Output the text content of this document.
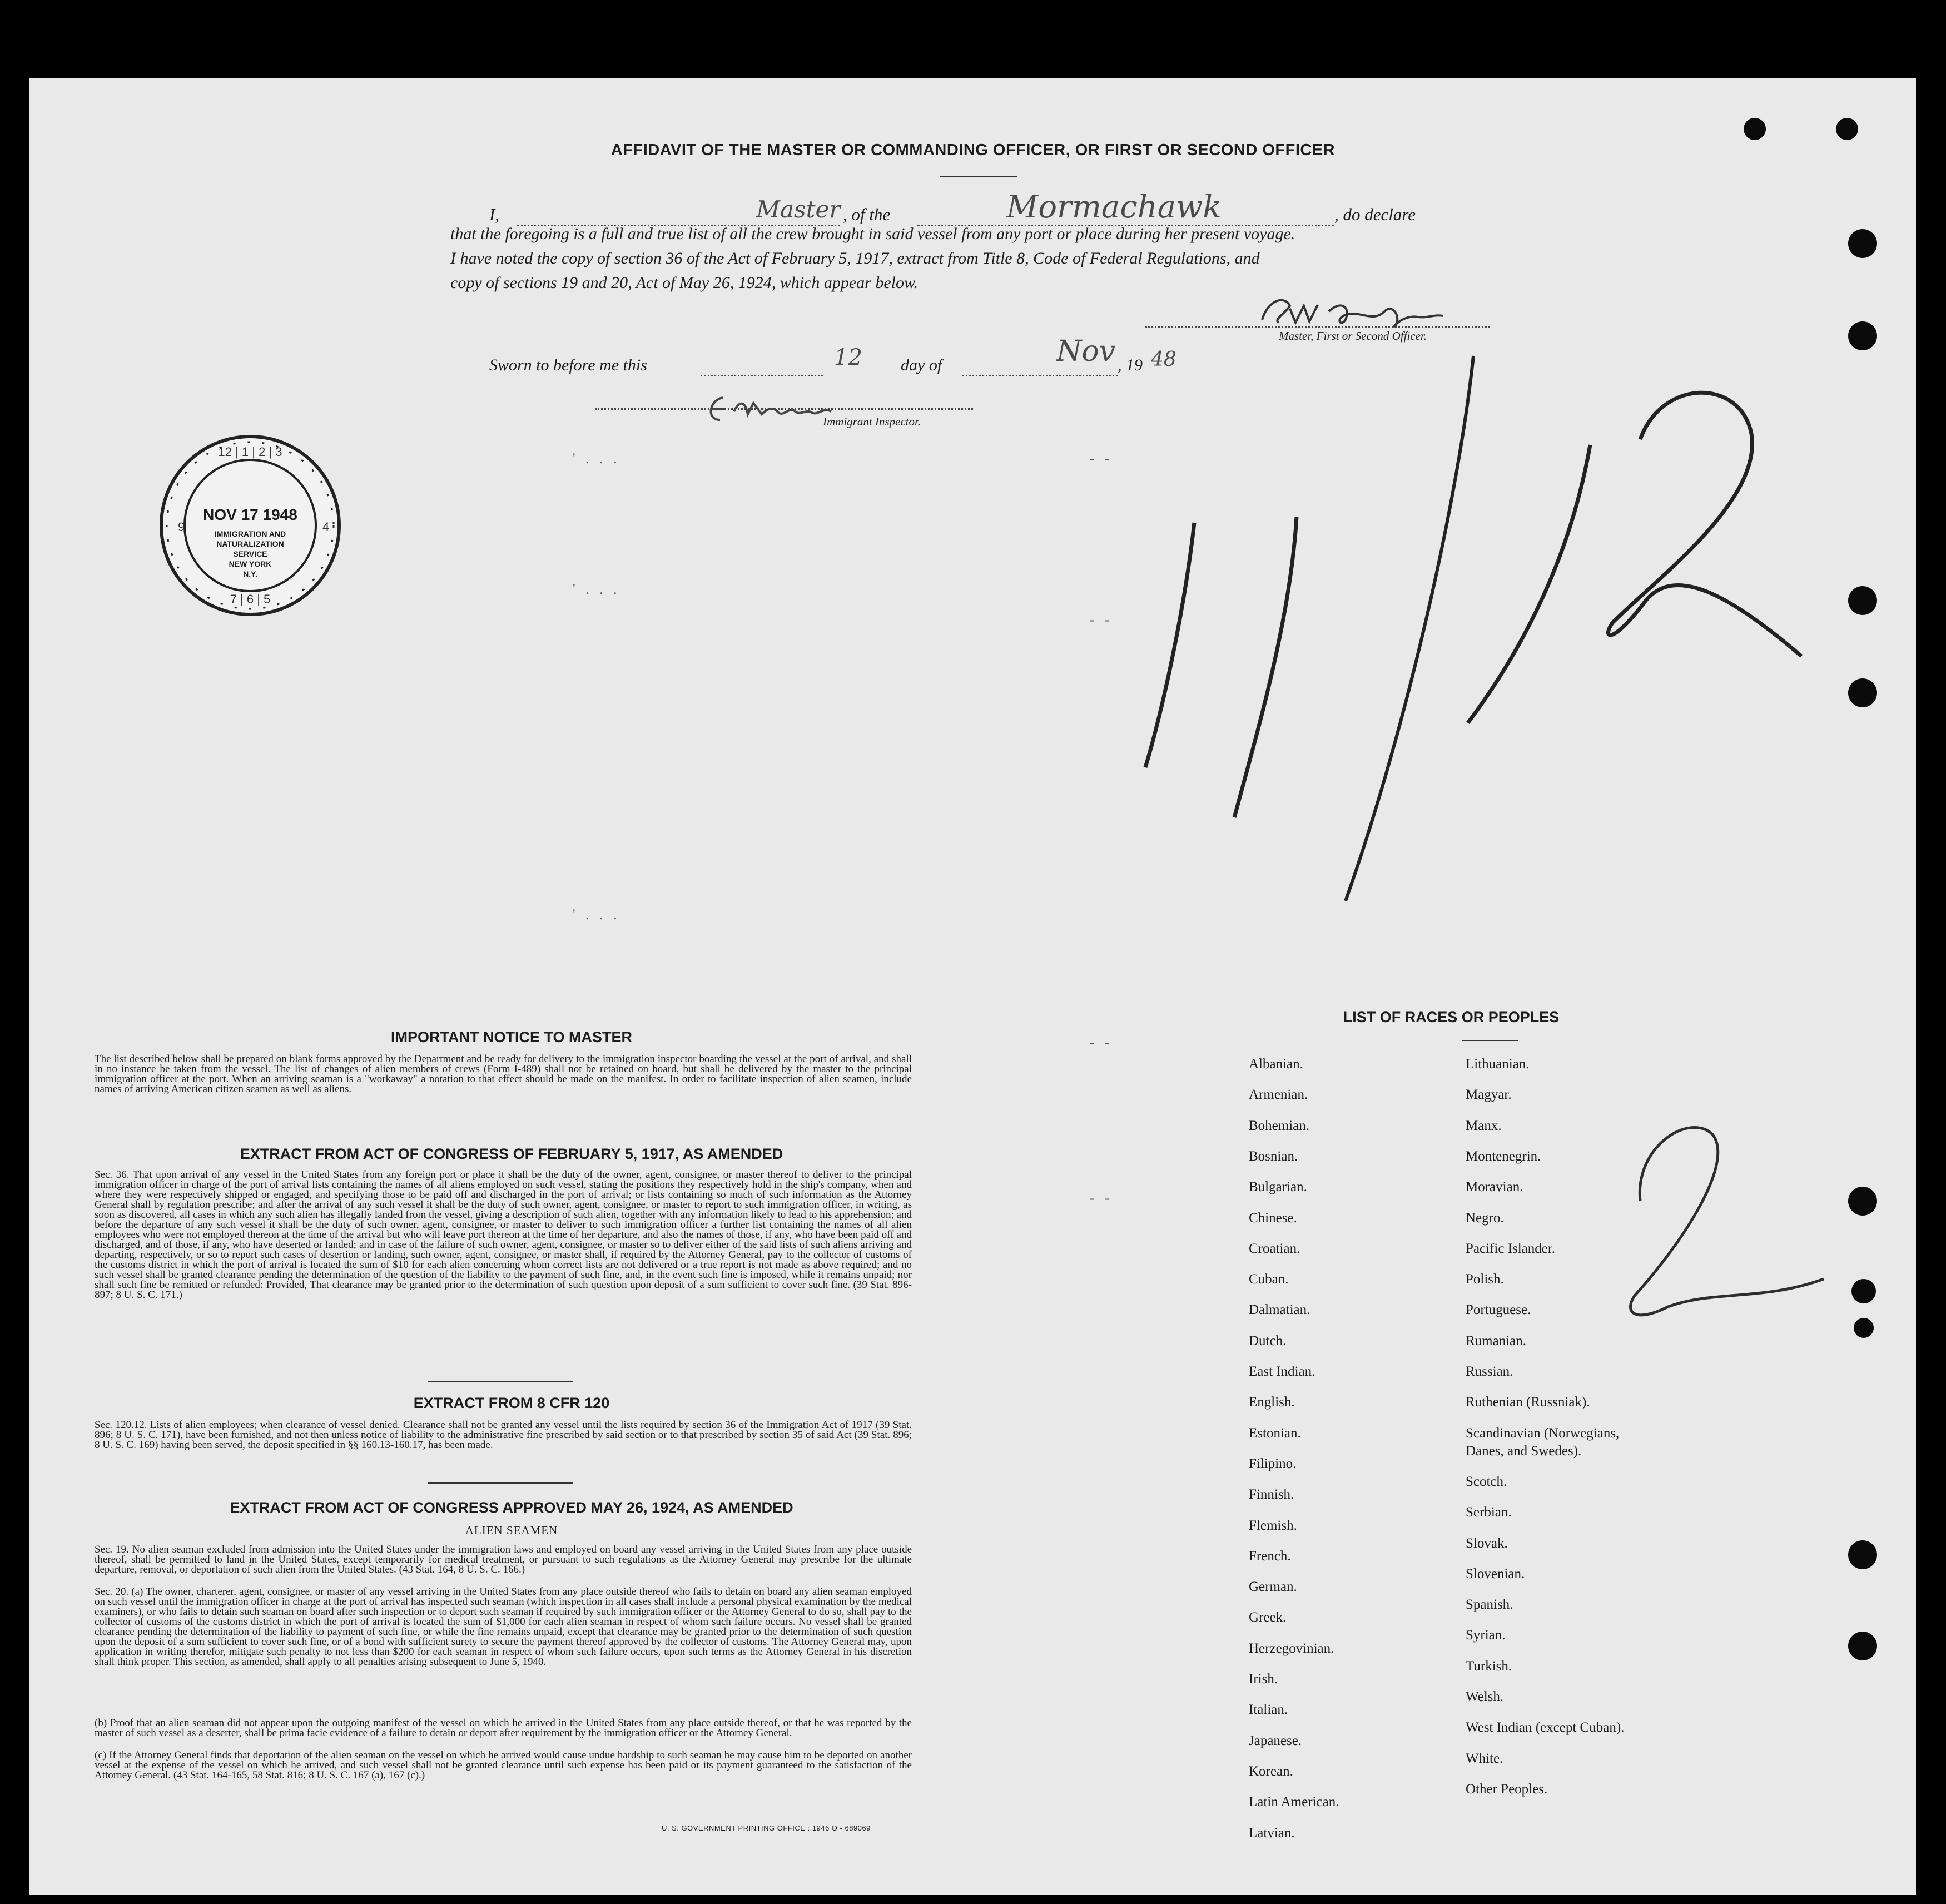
AFFIDAVIT OF THE MASTER OR COMMANDING OFFICER, OR FIRST OR SECOND OFFICER
I,	Master , of the	Mormachawk	, do declare
that the foregoing is a full and true list of all the crew brought in said vessel from any port or place during her present voyage.
I have noted the copy of section 36 of the Act of February 5, 1917, extract from Title 8, Code of Federal Regulations, and
copy of sections 19 and 20, Act of May 26, 1924, which appear below.
Master, First or Second Officer.
Sworn to before me this	12 day of	Nov , 19 48
Immigrant Inspector.
12 | 1 | 2 | 3
4
9
7 | 6 | 5
NOV 17 1948
IMMIGRATION AND
NATURALIZATION
SERVICE
NEW YORK
N.Y.
' . . .
' . . .
' . . .
- -
- -
- -
- -
IMPORTANT NOTICE TO MASTER
The list described below shall be prepared on blank forms approved by the Department and be ready for delivery to the immigration inspector boarding the vessel at the port of arrival, and shall in no instance be taken from the vessel. The list of changes of alien members of crews (Form I-489) shall not be retained on board, but shall be delivered by the master to the principal immigration officer at the port. When an arriving seaman is a "workaway" a notation to that effect should be made on the manifest. In order to facilitate inspection of alien seamen, include names of arriving American citizen seamen as well as aliens.
EXTRACT FROM ACT OF CONGRESS OF FEBRUARY 5, 1917, AS AMENDED
Sec. 36. That upon arrival of any vessel in the United States from any foreign port or place it shall be the duty of the owner, agent, consignee, or master thereof to deliver to the principal immigration officer in charge of the port of arrival lists containing the names of all aliens employed on such vessel, stating the positions they respectively hold in the ship's company, when and where they were respectively shipped or engaged, and specifying those to be paid off and discharged in the port of arrival; or lists containing so much of such information as the Attorney General shall by regulation prescribe; and after the arrival of any such vessel it shall be the duty of such owner, agent, consignee, or master to report to such immigration officer, in writing, as soon as discovered, all cases in which any such alien has illegally landed from the vessel, giving a description of such alien, together with any information likely to lead to his apprehension; and before the departure of any such vessel it shall be the duty of such owner, agent, consignee, or master to deliver to such immigration officer a further list containing the names of all alien employees who were not employed thereon at the time of the arrival but who will leave port thereon at the time of her departure, and also the names of those, if any, who have been paid off and discharged, and of those, if any, who have deserted or landed; and in case of the failure of such owner, agent, consignee, or master so to deliver either of the said lists of such aliens arriving and departing, respectively, or so to report such cases of desertion or landing, such owner, agent, consignee, or master shall, if required by the Attorney General, pay to the collector of customs of the customs district in which the port of arrival is located the sum of $10 for each alien concerning whom correct lists are not delivered or a true report is not made as above required; and no such vessel shall be granted clearance pending the determination of the question of the liability to the payment of such fine, and, in the event such fine is imposed, while it remains unpaid; nor shall such fine be remitted or refunded: Provided, That clearance may be granted prior to the determination of such question upon deposit of a sum sufficient to cover such fine. (39 Stat. 896-897; 8 U. S. C. 171.)
EXTRACT FROM 8 CFR 120
Sec. 120.12. Lists of alien employees; when clearance of vessel denied. Clearance shall not be granted any vessel until the lists required by section 36 of the Immigration Act of 1917 (39 Stat. 896; 8 U. S. C. 171), have been furnished, and not then unless notice of liability to the administrative fine prescribed by said section or to that prescribed by section 35 of said Act (39 Stat. 896; 8 U. S. C. 169) having been served, the deposit specified in §§ 160.13-160.17, has been made.
EXTRACT FROM ACT OF CONGRESS APPROVED MAY 26, 1924, AS AMENDED
ALIEN SEAMEN
Sec. 19. No alien seaman excluded from admission into the United States under the immigration laws and employed on board any vessel arriving in the United States from any place outside thereof, shall be permitted to land in the United States, except temporarily for medical treatment, or pursuant to such regulations as the Attorney General may prescribe for the ultimate departure, removal, or deportation of such alien from the United States. (43 Stat. 164, 8 U. S. C. 166.)
Sec. 20. (a) The owner, charterer, agent, consignee, or master of any vessel arriving in the United States from any place outside thereof who fails to detain on board any alien seaman employed on such vessel until the immigration officer in charge at the port of arrival has inspected such seaman (which inspection in all cases shall include a personal physical examination by the medical examiners), or who fails to detain such seaman on board after such inspection or to deport such seaman if required by such immigration officer or the Attorney General to do so, shall pay to the collector of customs of the customs district in which the port of arrival is located the sum of $1,000 for each alien seaman in respect of whom such failure occurs. No vessel shall be granted clearance pending the determination of the liability to payment of such fine, or while the fine remains unpaid, except that clearance may be granted prior to the determination of such question upon the deposit of a sum sufficient to cover such fine, or of a bond with sufficient surety to secure the payment thereof approved by the collector of customs. The Attorney General may, upon application in writing therefor, mitigate such penalty to not less than $200 for each seaman in respect of whom such failure occurs, upon such terms as the Attorney General in his discretion shall think proper. This section, as amended, shall apply to all penalties arising subsequent to June 5, 1940.
(b) Proof that an alien seaman did not appear upon the outgoing manifest of the vessel on which he arrived in the United States from any place outside thereof, or that he was reported by the master of such vessel as a deserter, shall be prima facie evidence of a failure to detain or deport after requirement by the immigration officer or the Attorney General.
(c) If the Attorney General finds that deportation of the alien seaman on the vessel on which he arrived would cause undue hardship to such seaman he may cause him to be deported on another vessel at the expense of the vessel on which he arrived, and such vessel shall not be granted clearance until such expense has been paid or its payment guaranteed to the satisfaction of the Attorney General. (43 Stat. 164-165, 58 Stat. 816; 8 U. S. C. 167 (a), 167 (c).)
U. S. GOVERNMENT PRINTING OFFICE : 1946 O - 689069
LIST OF RACES OR PEOPLES
Albanian.
Armenian.
Bohemian.
Bosnian.
Bulgarian.
Chinese.
Croatian.
Cuban.
Dalmatian.
Dutch.
East Indian.
English.
Estonian.
Filipino.
Finnish.
Flemish.
French.
German.
Greek.
Herzegovinian.
Irish.
Italian.
Japanese.
Korean.
Latin American.
Latvian.
Lithuanian.
Magyar.
Manx.
Montenegrin.
Moravian.
Negro.
Pacific Islander.
Polish.
Portuguese.
Rumanian.
Russian.
Ruthenian (Russniak).
Scandinavian (Norwegians,
Danes, and Swedes).
Scotch.
Serbian.
Slovak.
Slovenian.
Spanish.
Syrian.
Turkish.
Welsh.
West Indian (except Cuban).
White.
Other Peoples.
